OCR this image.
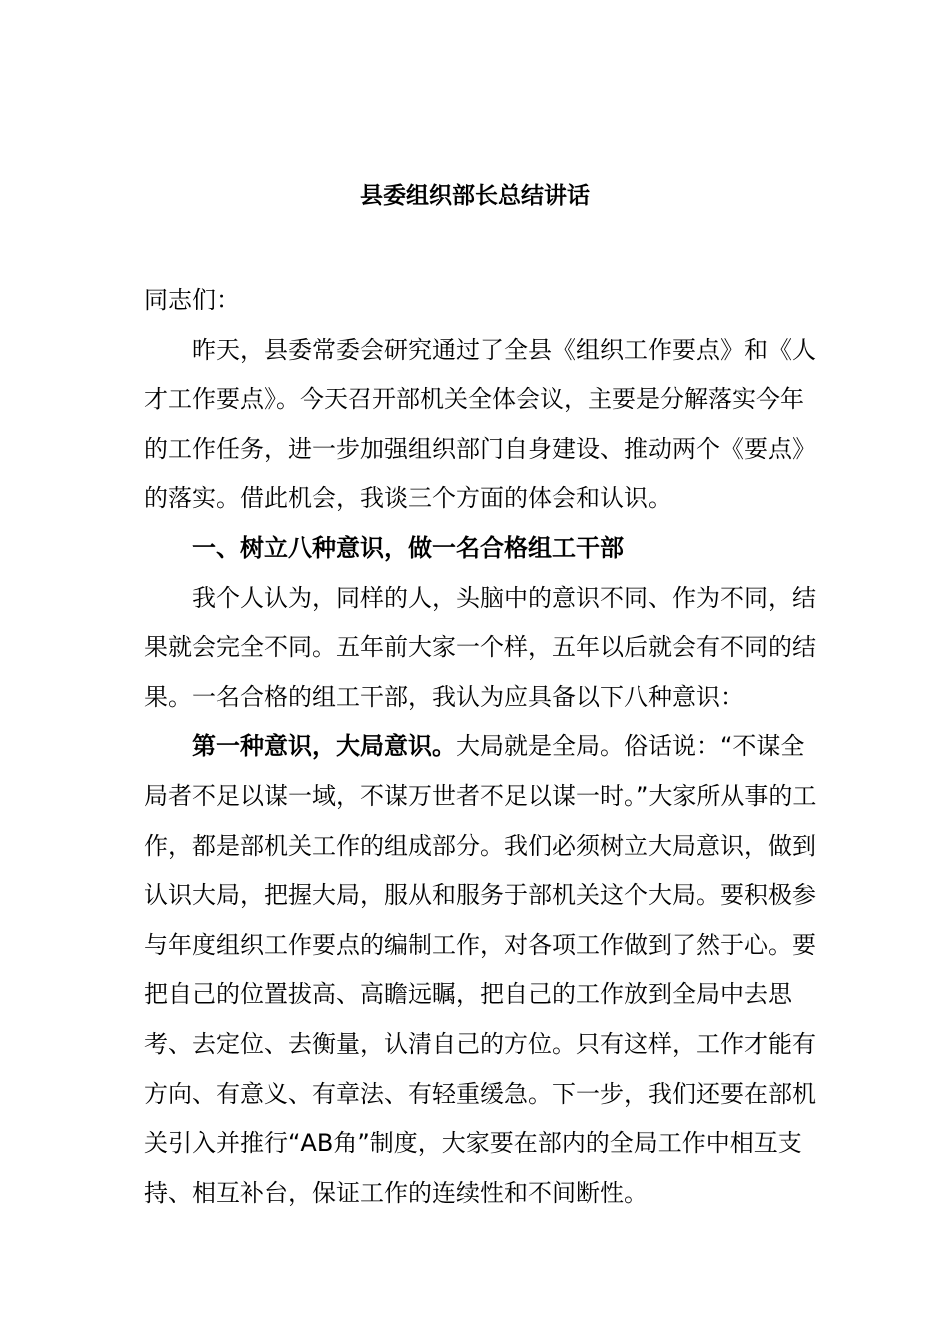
县委组织部长总结讲话

同志们：

昨天，县委常委会研究通过了全县《组织工作要点》和《人才工作要点》。今天召开部机关全体会议，主要是分解落实今年的工作任务，进一步加强组织部门自身建设、推动两个《要点》的落实。借此机会，我谈三个方面的体会和认识。

一、树立八种意识，做一名合格组工干部

我个人认为，同样的人，头脑中的意识不同、作为不同，结果就会完全不同。五年前大家一个样，五年以后就会有不同的结果。一名合格的组工干部，我认为应具备以下八种意识：

第一种意识，大局意识。大局就是全局。俗话说：“不谋全局者不足以谋一域，不谋万世者不足以谋一时。”大家所从事的工作，都是部机关工作的组成部分。我们必须树立大局意识，做到认识大局，把握大局，服从和服务于部机关这个大局。要积极参与年度组织工作要点的编制工作，对各项工作做到了然于心。要把自己的位置拔高、高瞻远瞩，把自己的工作放到全局中去思考、去定位、去衡量，认清自己的方位。只有这样，工作才能有方向、有意义、有章法、有轻重缓急。下一步，我们还要在部机关引入并推行“AB角”制度，大家要在部内的全局工作中相互支持、相互补台，保证工作的连续性和不间断性。
